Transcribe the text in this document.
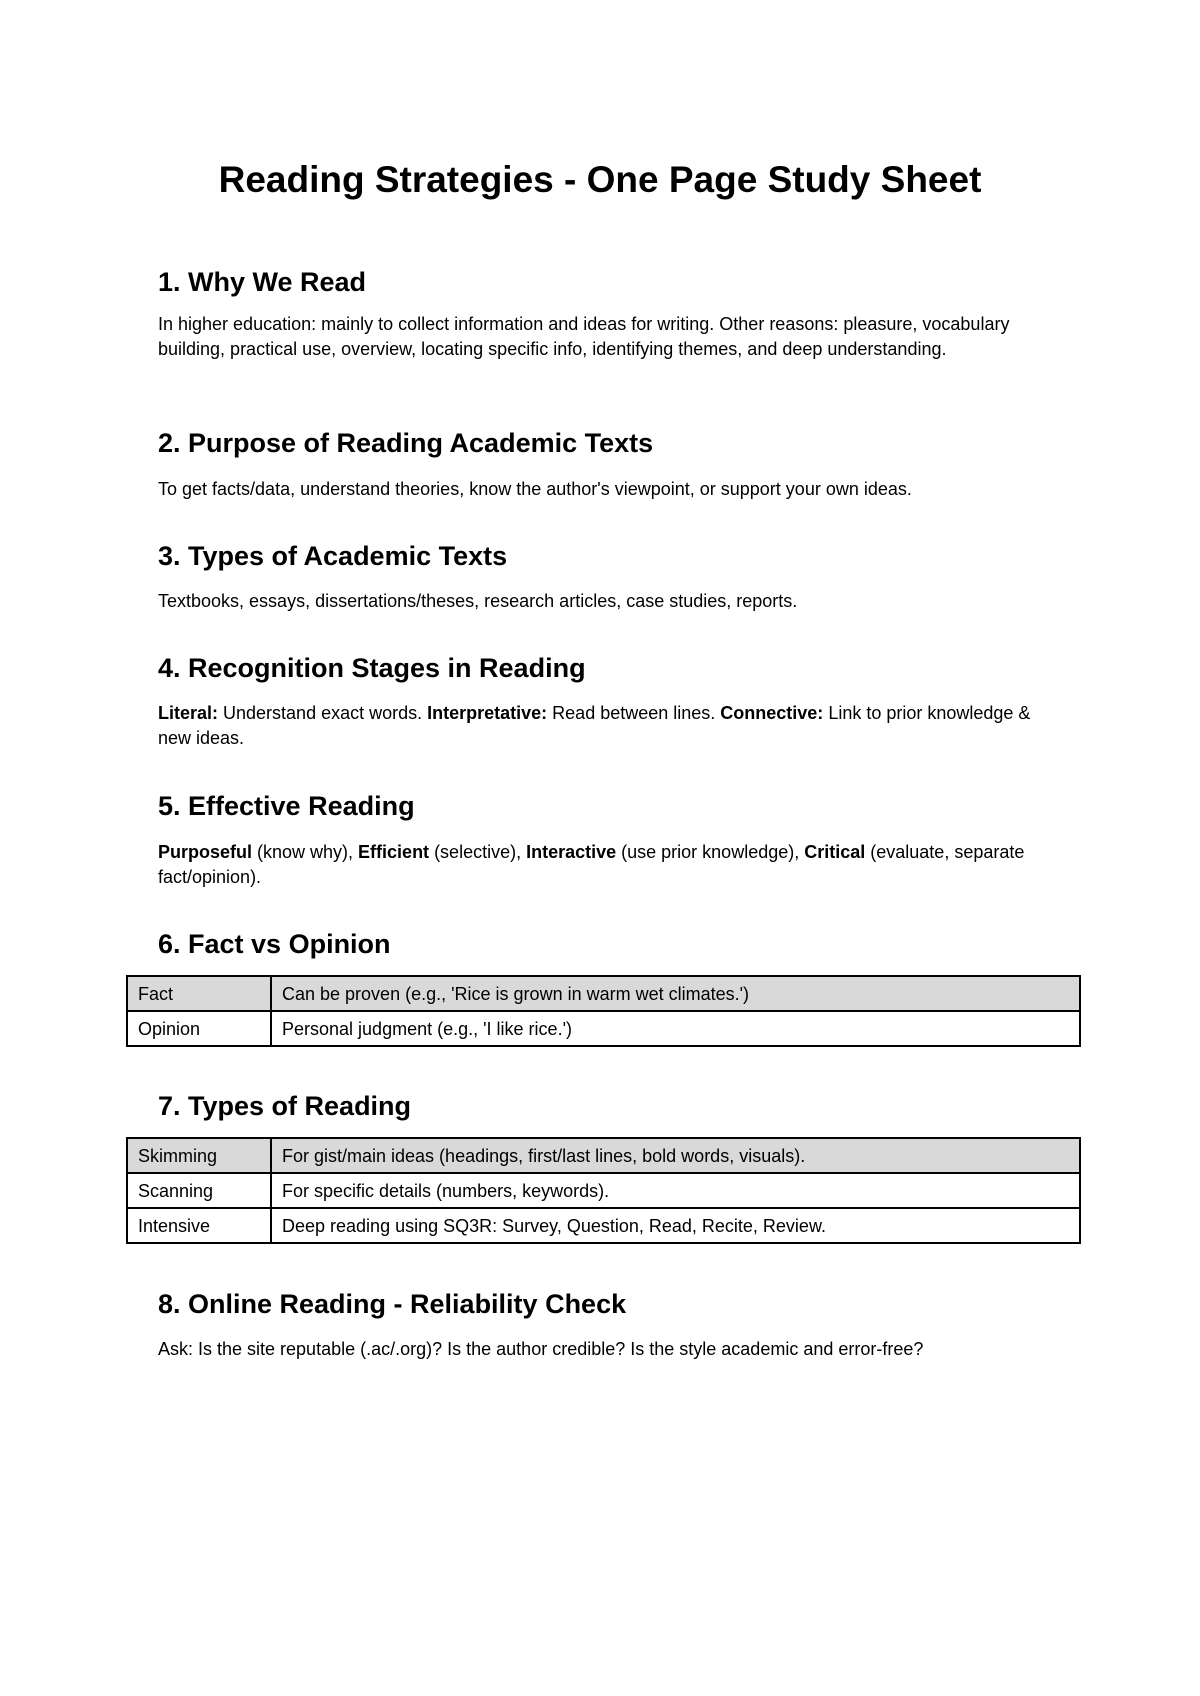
Reading Strategies - One Page Study Sheet
1. Why We Read

In higher education: mainly to collect information and ideas for writing. Other reasons: pleasure, vocabulary building, practical use, overview, locating specific info, identifying themes, and deep understanding.

2. Purpose of Reading Academic Texts

To get facts/data, understand theories, know the author's viewpoint, or support your own ideas.

3. Types of Academic Texts

Textbooks, essays, dissertations/theses, research articles, case studies, reports.

4. Recognition Stages in Reading

Literal: Understand exact words. Interpretative: Read between lines. Connective: Link to prior knowledge & new ideas.

5. Effective Reading

Purposeful (know why), Efficient (selective), Interactive (use prior knowledge), Critical (evaluate, separate fact/opinion).

6. Fact vs Opinion
Fact	Can be proven (e.g., 'Rice is grown in warm wet climates.')
Opinion	Personal judgment (e.g., 'I like rice.')
7. Types of Reading
Skimming	For gist/main ideas (headings, first/last lines, bold words, visuals).
Scanning	For specific details (numbers, keywords).
Intensive	Deep reading using SQ3R: Survey, Question, Read, Recite, Review.
8. Online Reading - Reliability Check

Ask: Is the site reputable (.ac/.org)? Is the author credible? Is the style academic and error-free?
